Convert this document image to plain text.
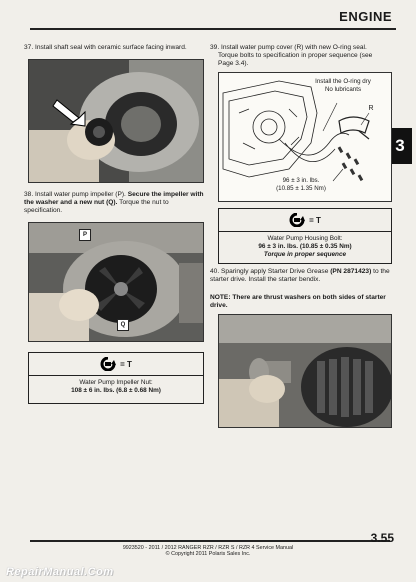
ENGINE
3
37. Install shaft seal with ceramic surface facing inward.
38. Install water pump impeller (P). Secure the impeller with the washer and a new nut (Q). Torque the nut to specification.
P
Q
= T
Water Pump Impeller Nut:
108 ± 6 in. lbs. (6.8 ± 0.68 Nm)
39. Install water pump cover (R) with new O-ring seal.
Torque bolts to specification in proper sequence (see
Page 3.4).
Install the O-ring dry
No lubricants
R
96 ± 3 in. lbs.
(10.85 ± 1.35 Nm)
= T
Water Pump Housing Bolt:
96 ± 3 in. lbs. (10.85 ± 0.35 Nm)
Torque in proper sequence
40. Sparingly apply Starter Drive Grease (PN 2871423) to the starter drive. Install the starter bendix.
NOTE: There are thrust washers on both sides of starter drive.
3.55
9923520 - 2011 / 2012 RANGER RZR / RZR S / RZR 4 Service Manual
© Copyright 2011 Polaris Sales Inc.
RepairManual.Com
